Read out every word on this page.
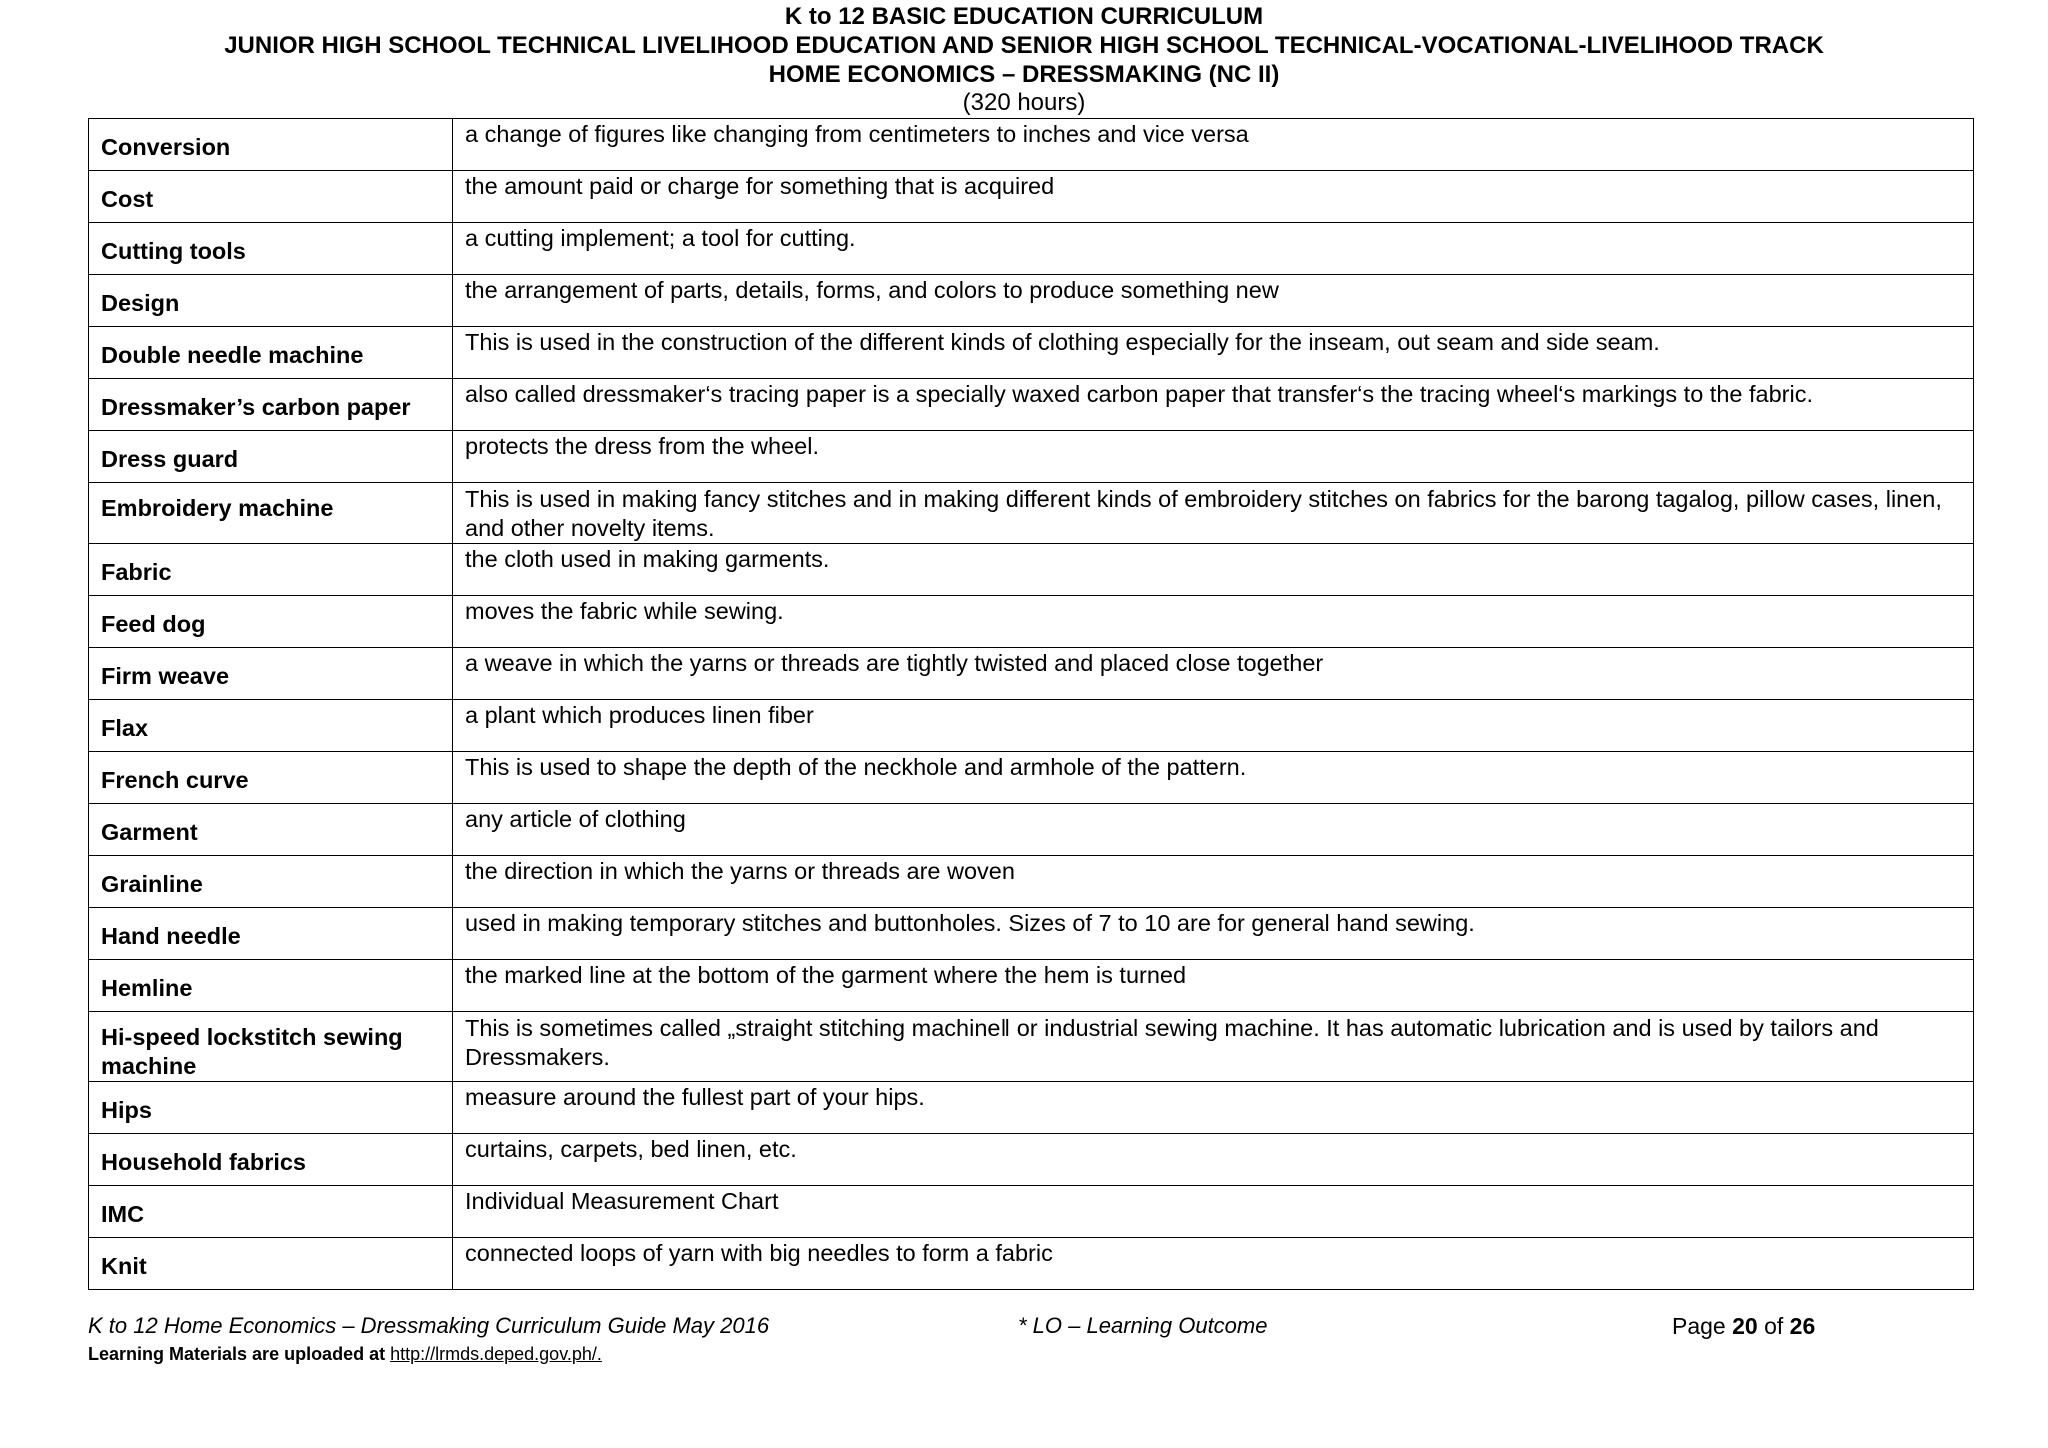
K to 12 BASIC EDUCATION CURRICULUM
JUNIOR HIGH SCHOOL TECHNICAL LIVELIHOOD EDUCATION AND SENIOR HIGH SCHOOL TECHNICAL-VOCATIONAL-LIVELIHOOD TRACK
HOME ECONOMICS – DRESSMAKING (NC II)
(320 hours)
Conversion	a change of figures like changing from centimeters to inches and vice versa
Cost	the amount paid or charge for something that is acquired
Cutting tools	a cutting implement; a tool for cutting.
Design	the arrangement of parts, details, forms, and colors to produce something new
Double needle machine	This is used in the construction of the different kinds of clothing especially for the inseam, out seam and side seam.
Dressmaker’s carbon paper	also called dressmaker‘s tracing paper is a specially waxed carbon paper that transfer‘s the tracing wheel‘s markings to the fabric.
Dress guard	protects the dress from the wheel.
Embroidery machine	This is used in making fancy stitches and in making different kinds of embroidery stitches on fabrics for the barong tagalog, pillow cases, linen, and other novelty items.
Fabric	the cloth used in making garments.
Feed dog	moves the fabric while sewing.
Firm weave	a weave in which the yarns or threads are tightly twisted and placed close together
Flax	a plant which produces linen fiber
French curve	This is used to shape the depth of the neckhole and armhole of the pattern.
Garment	any article of clothing
Grainline	the direction in which the yarns or threads are woven
Hand needle	used in making temporary stitches and buttonholes. Sizes of 7 to 10 are for general hand sewing.
Hemline	the marked line at the bottom of the garment where the hem is turned
Hi-speed lockstitch sewing machine	This is sometimes called „straight stitching machine‖ or industrial sewing machine. It has automatic lubrication and is used by tailors and Dressmakers.
Hips	measure around the fullest part of your hips.
Household fabrics	curtains, carpets, bed linen, etc.
IMC	Individual Measurement Chart
Knit	connected loops of yarn with big needles to form a fabric
K to 12 Home Economics – Dressmaking Curriculum Guide May 2016	* LO – Learning Outcome	Page 20 of 26
Learning Materials are uploaded at http://lrmds.deped.gov.ph/.
